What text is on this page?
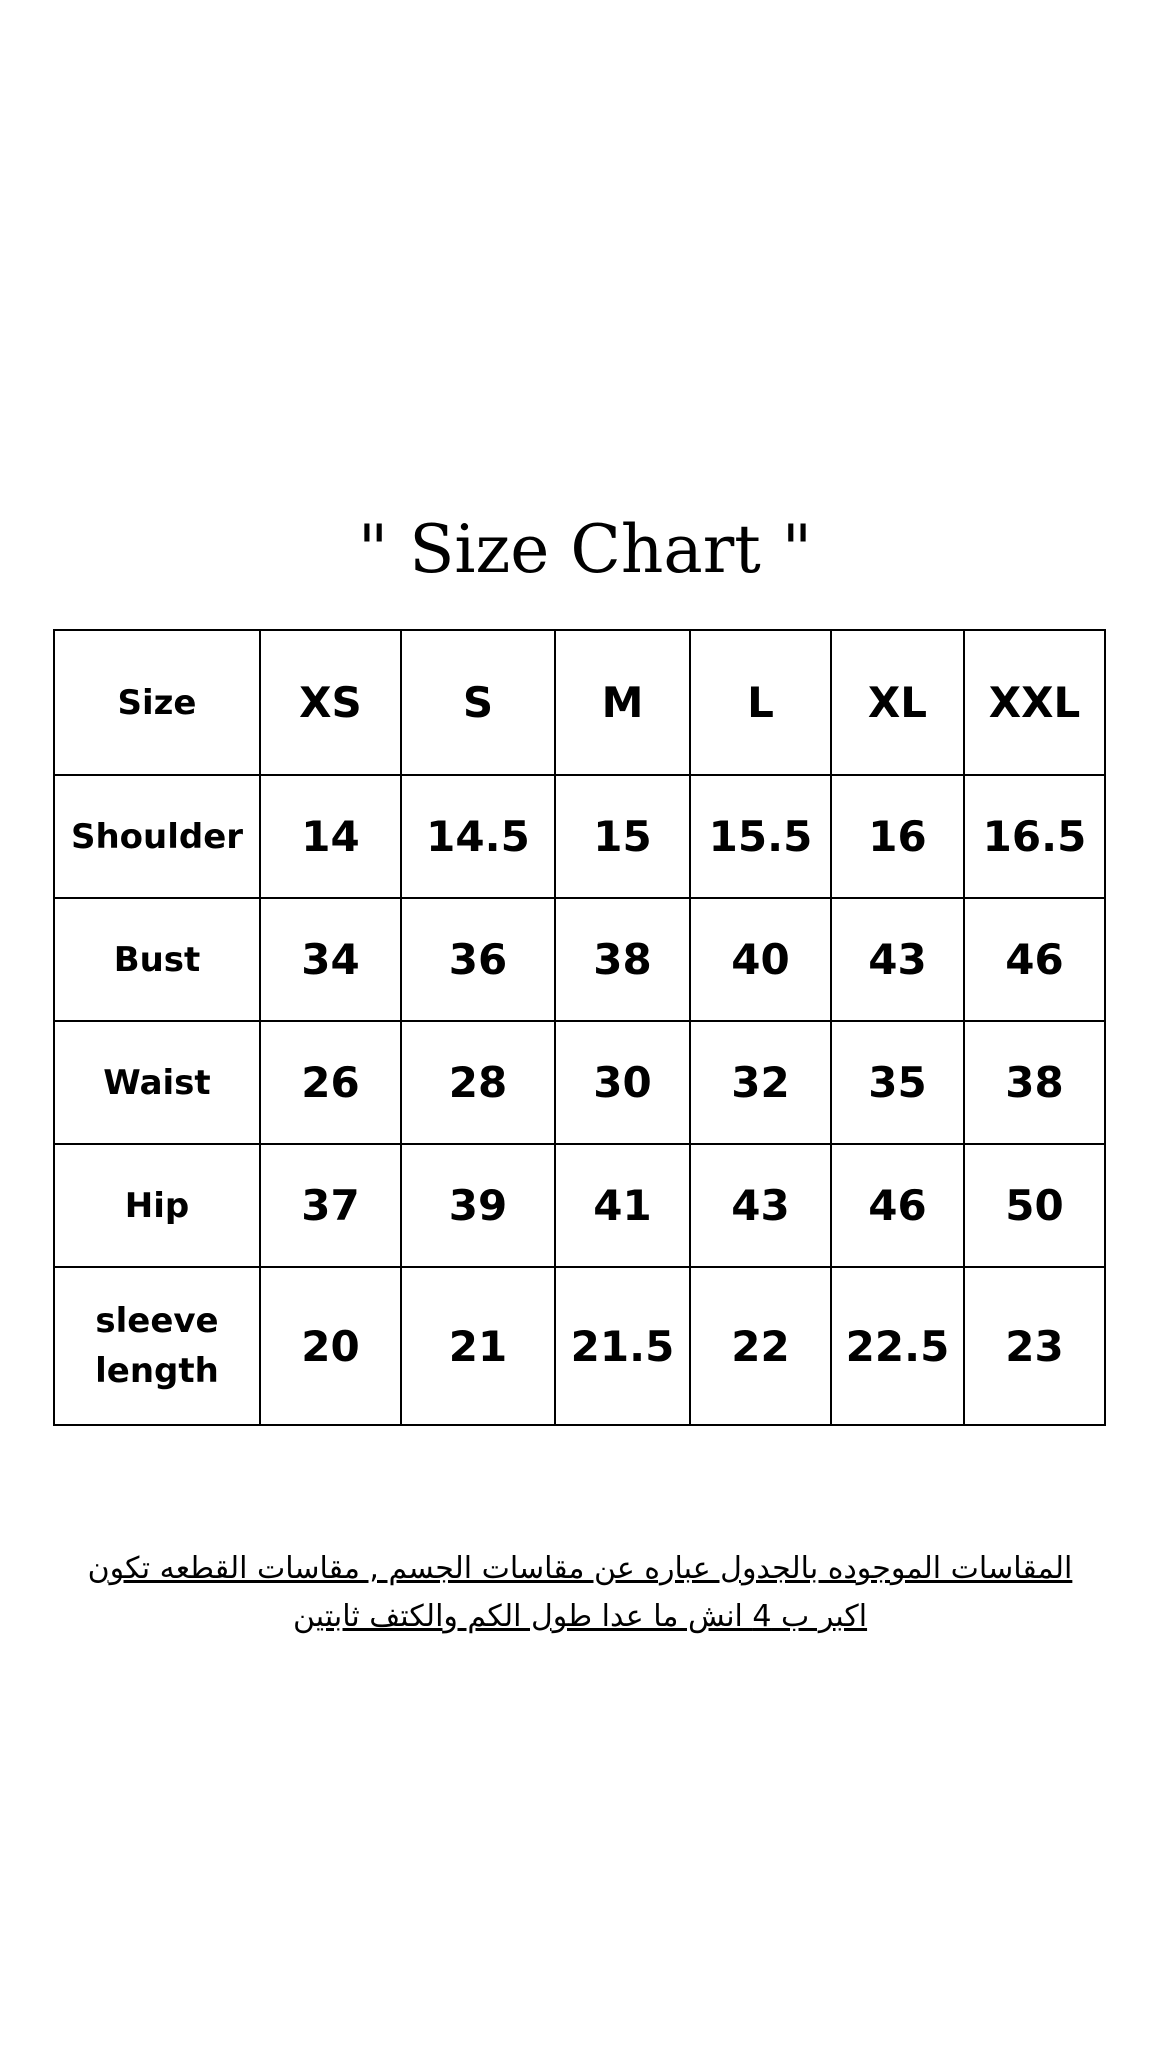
" Size Chart "
Size	XS	S	M	L	XL	XXL
Shoulder	14	14.5	15	15.5	16	16.5
Bust	34	36	38	40	43	46
Waist	26	28	30	32	35	38
Hip	37	39	41	43	46	50
sleeve length	20	21	21.5	22	22.5	23
المقاسات الموجوده بالجدول عباره عن مقاسات الجسم , مقاسات القطعه تكون
اكبر ب 4 انش ما عدا طول الكم والكتف ثابتين
